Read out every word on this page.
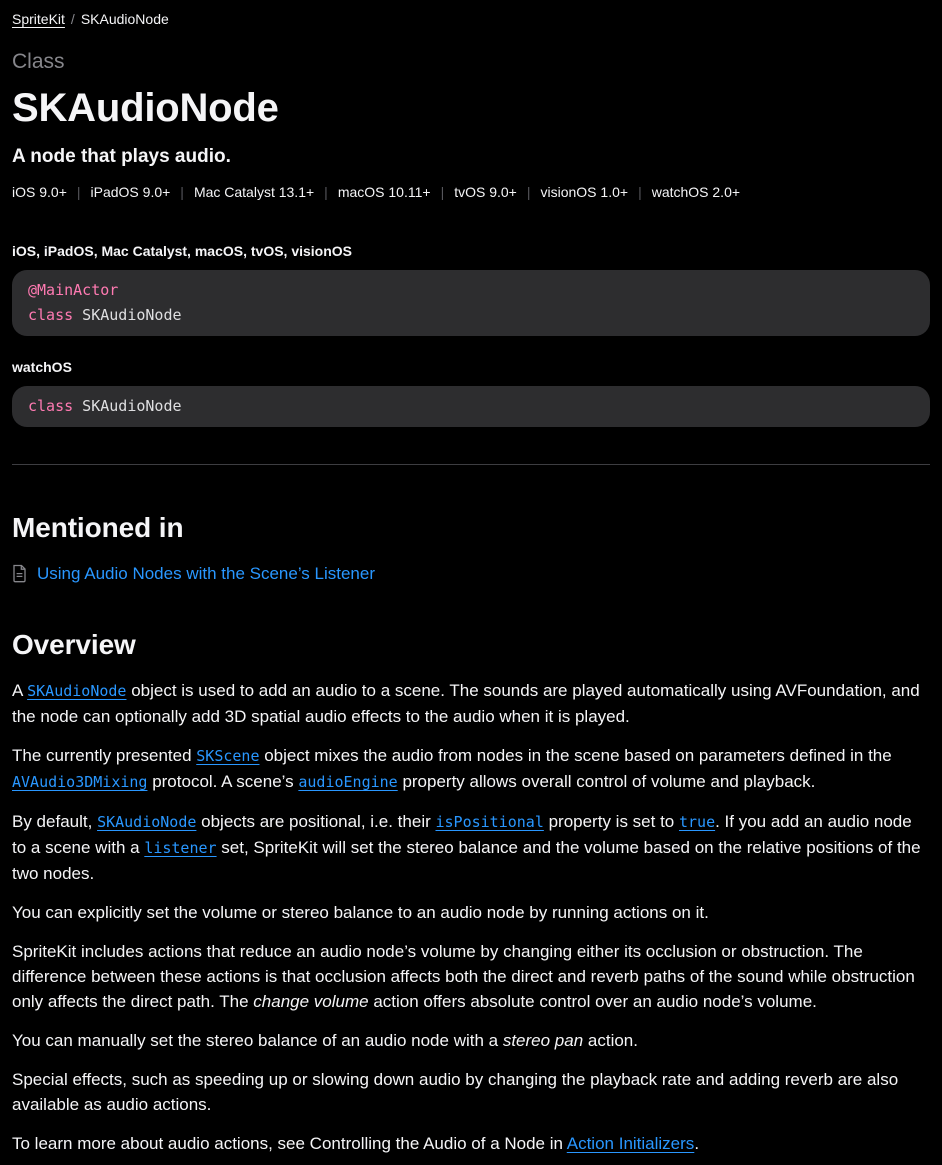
SpriteKit / SKAudioNode
Class
SKAudioNode
A node that plays audio.
iOS 9.0+ | iPadOS 9.0+ | Mac Catalyst 13.1+ | macOS 10.11+ | tvOS 9.0+ | visionOS 1.0+ | watchOS 2.0+
iOS, iPadOS, Mac Catalyst, macOS, tvOS, visionOS
@MainActor
class SKAudioNode
watchOS
class SKAudioNode
Mentioned in
Using Audio Nodes with the Scene’s Listener
Overview

A SKAudioNode object is used to add an audio to a scene. The sounds are played automatically using AVFoundation, and the node can optionally add 3D spatial audio effects to the audio when it is played.

The currently presented SKScene object mixes the audio from nodes in the scene based on parameters defined in the AVAudio3DMixing protocol. A scene’s audioEngine property allows overall control of volume and playback.

By default, SKAudioNode objects are positional, i.e. their isPositional property is set to true. If you add an audio node to a scene with a listener set, SpriteKit will set the stereo balance and the volume based on the relative positions of the two nodes.

You can explicitly set the volume or stereo balance to an audio node by running actions on it.

SpriteKit includes actions that reduce an audio node’s volume by changing either its occlusion or obstruction. The difference between these actions is that occlusion affects both the direct and reverb paths of the sound while obstruction only affects the direct path. The change volume action offers absolute control over an audio node’s volume.

You can manually set the stereo balance of an audio node with a stereo pan action.

Special effects, such as speeding up or slowing down audio by changing the playback rate and adding reverb are also available as audio actions.

To learn more about audio actions, see Controlling the Audio of a Node in Action Initializers.
